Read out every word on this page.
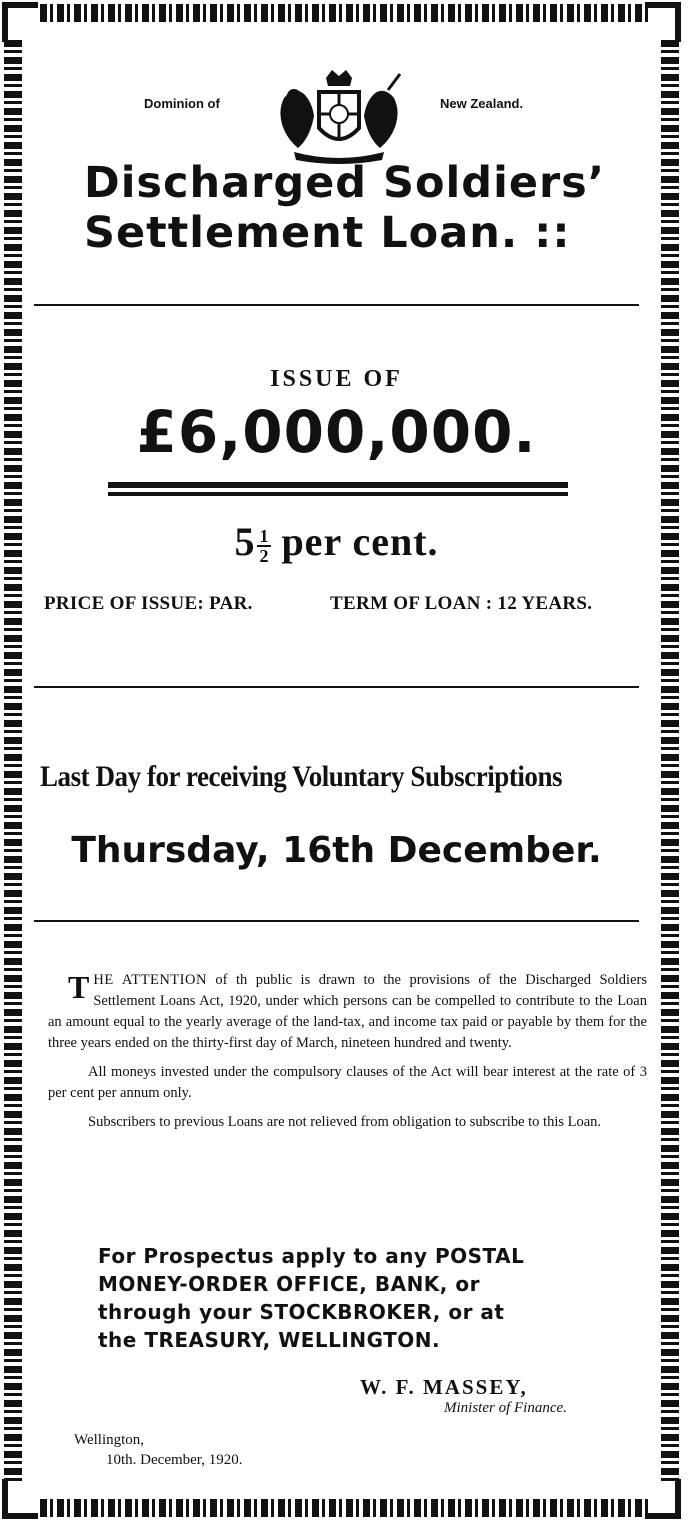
Dominion of	New Zealand.
Discharged Soldiers’
Settlement Loan. ::
ISSUE OF
£6,000,000.
$5 \frac{1}{2}$ per cent.
PRICE OF ISSUE: PAR.	TERM OF LOAN : 12 YEARS.
Last Day for receiving Voluntary Subscriptions
Thursday, 16th December.

THE ATTENTION of th public is drawn to the provisions of the Discharged Soldiers Settlement Loans Act, 1920, under which persons can be compelled to contribute to the Loan an amount equal to the yearly average of the land-tax, and income tax paid or payable by them for the three years ended on the thirty-first day of March, nineteen hundred and twenty.

All moneys invested under the compulsory clauses of the Act will bear interest at the rate of 3 per cent per annum only.

Subscribers to previous Loans are not relieved from obligation to subscribe to this Loan.

For Prospectus apply to any POSTAL
MONEY-ORDER OFFICE, BANK, or
through your STOCKBROKER, or at
the TREASURY, WELLINGTON.
W. F. MASSEY,
Minister of Finance.
Wellington,
10th. December, 1920.
